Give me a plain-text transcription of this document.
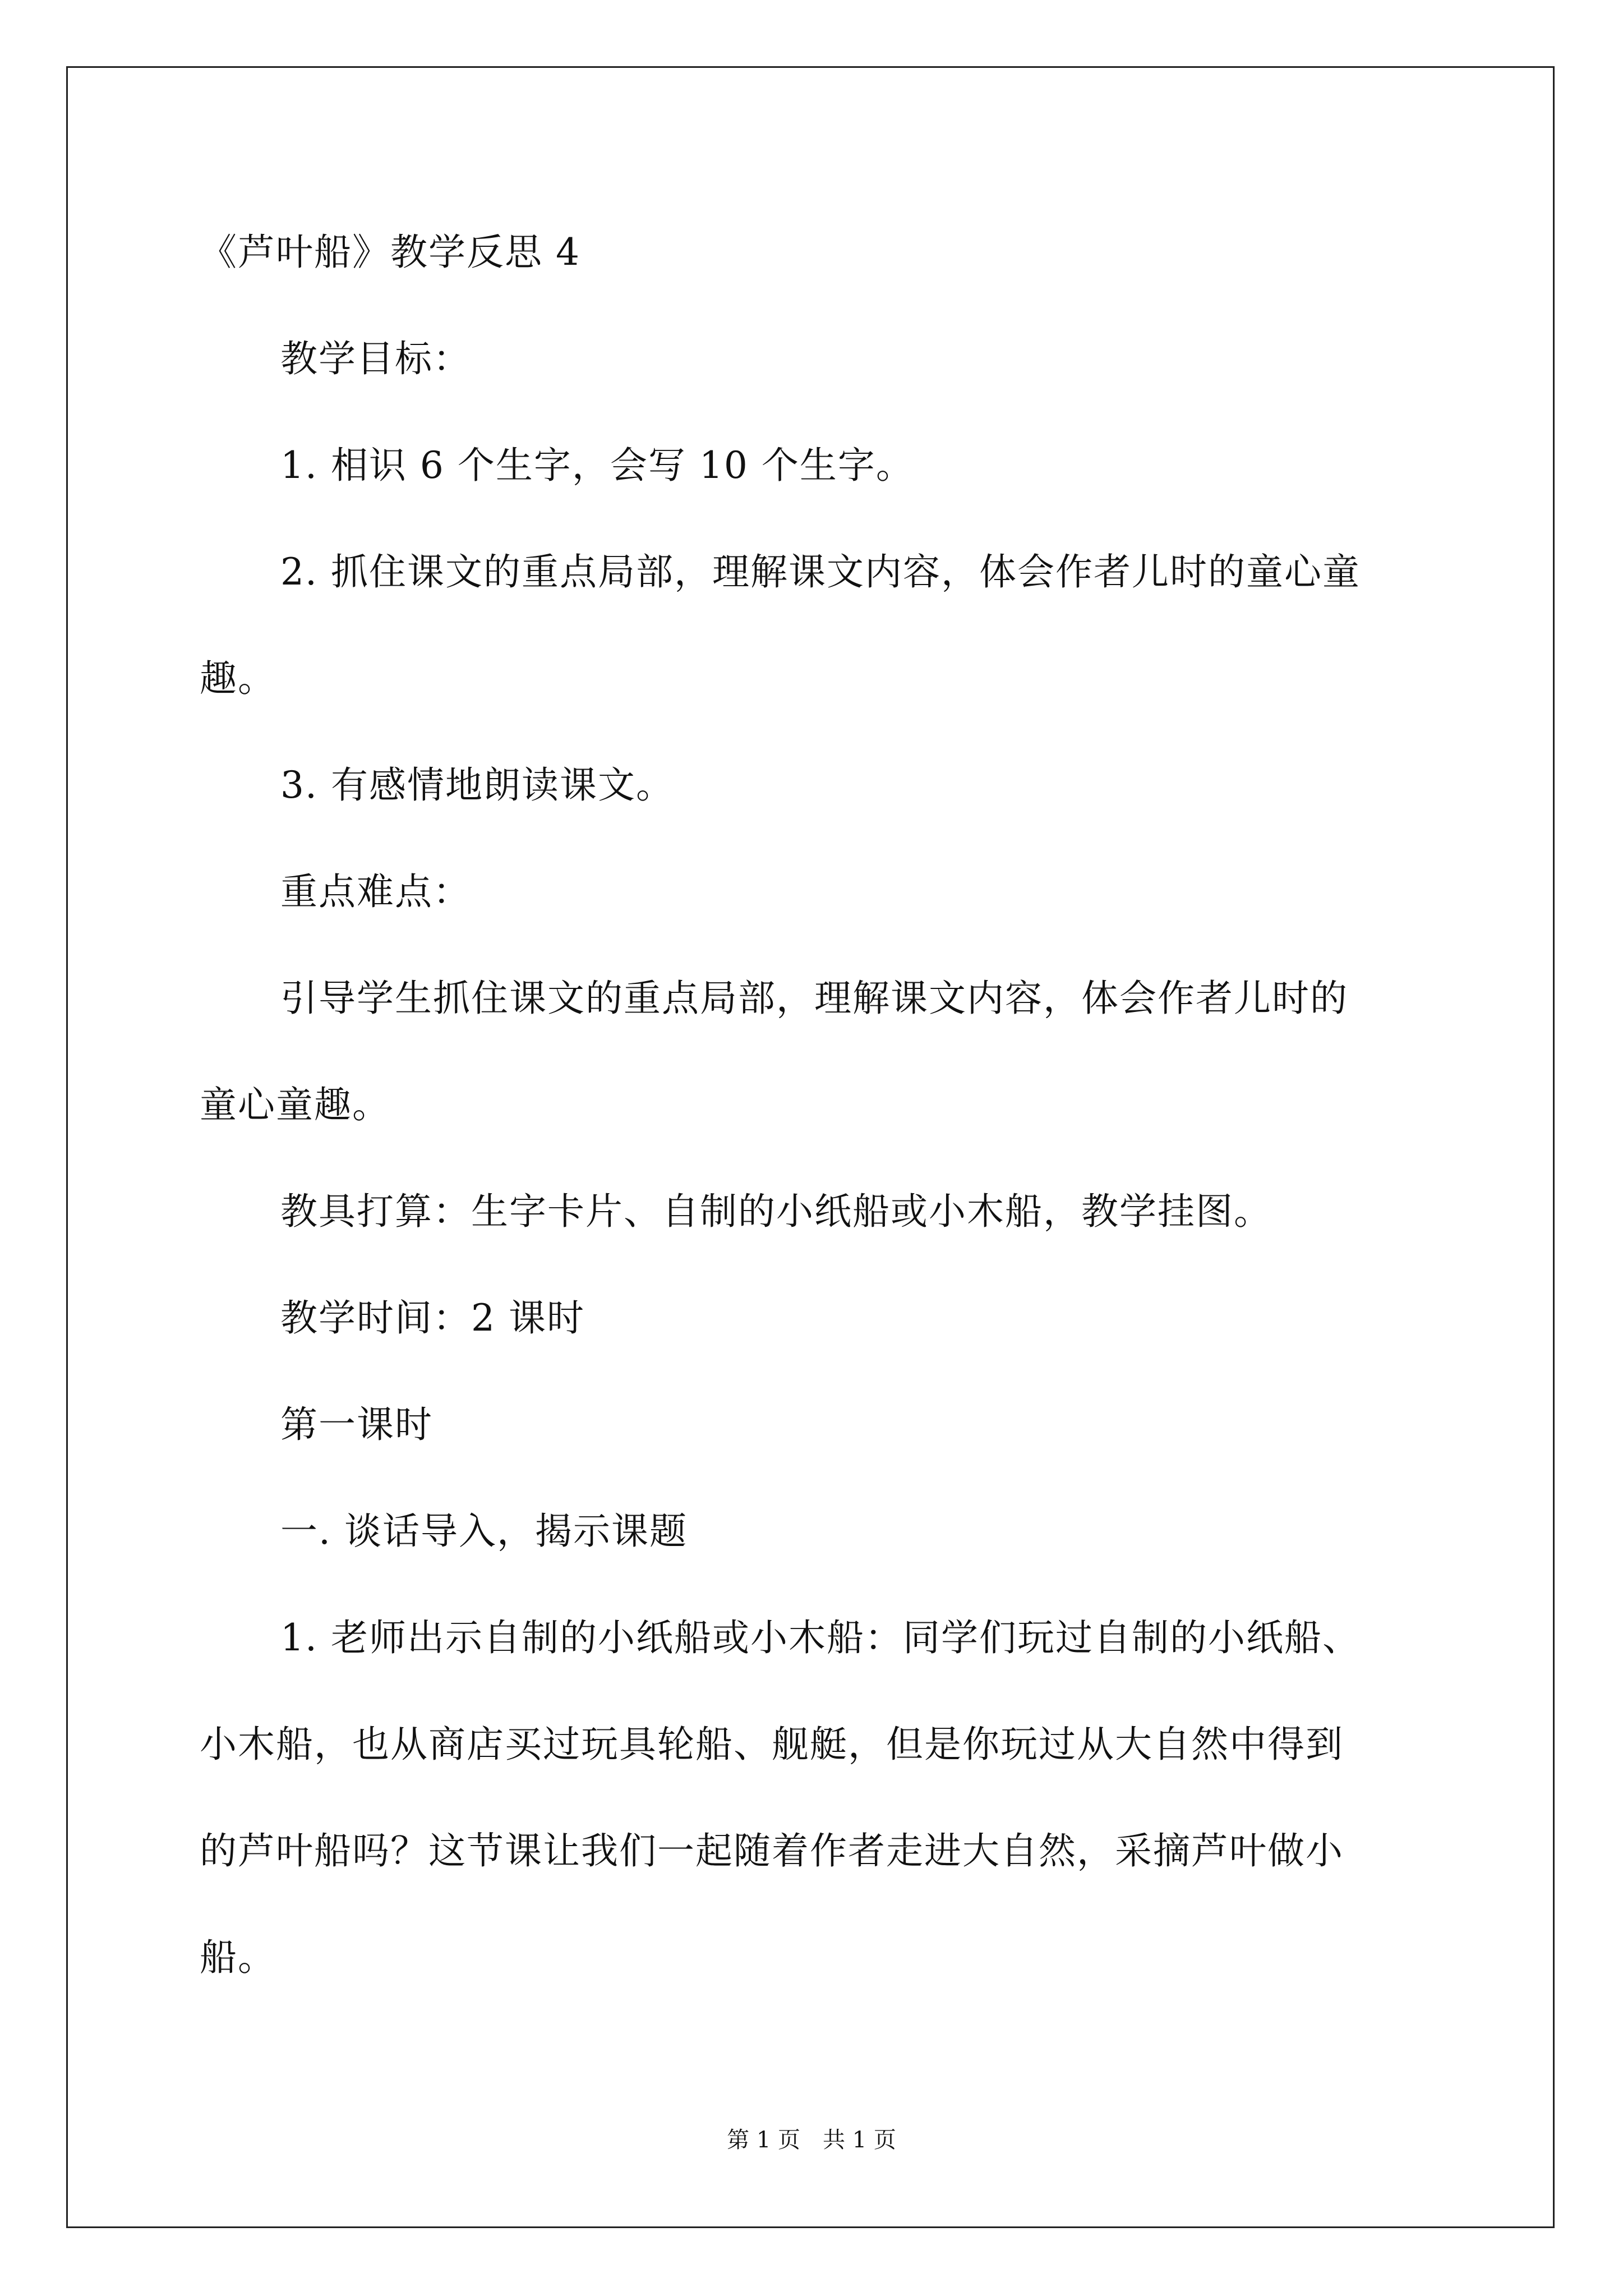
《芦叶船》教学反思 4
教学目标：
1. 相识 6 个生字，会写 10 个生字。
2. 抓住课文的重点局部，理解课文内容，体会作者儿时的童心童
趣。
3. 有感情地朗读课文。
重点难点：
引导学生抓住课文的重点局部，理解课文内容，体会作者儿时的
童心童趣。
教具打算：生字卡片、自制的小纸船或小木船，教学挂图。
教学时间：2 课时
第一课时
一. 谈话导入，揭示课题
1. 老师出示自制的小纸船或小木船：同学们玩过自制的小纸船、
小木船，也从商店买过玩具轮船、舰艇，但是你玩过从大自然中得到
的芦叶船吗？这节课让我们一起随着作者走进大自然，采摘芦叶做小
船。
第 1 页　共 1 页
